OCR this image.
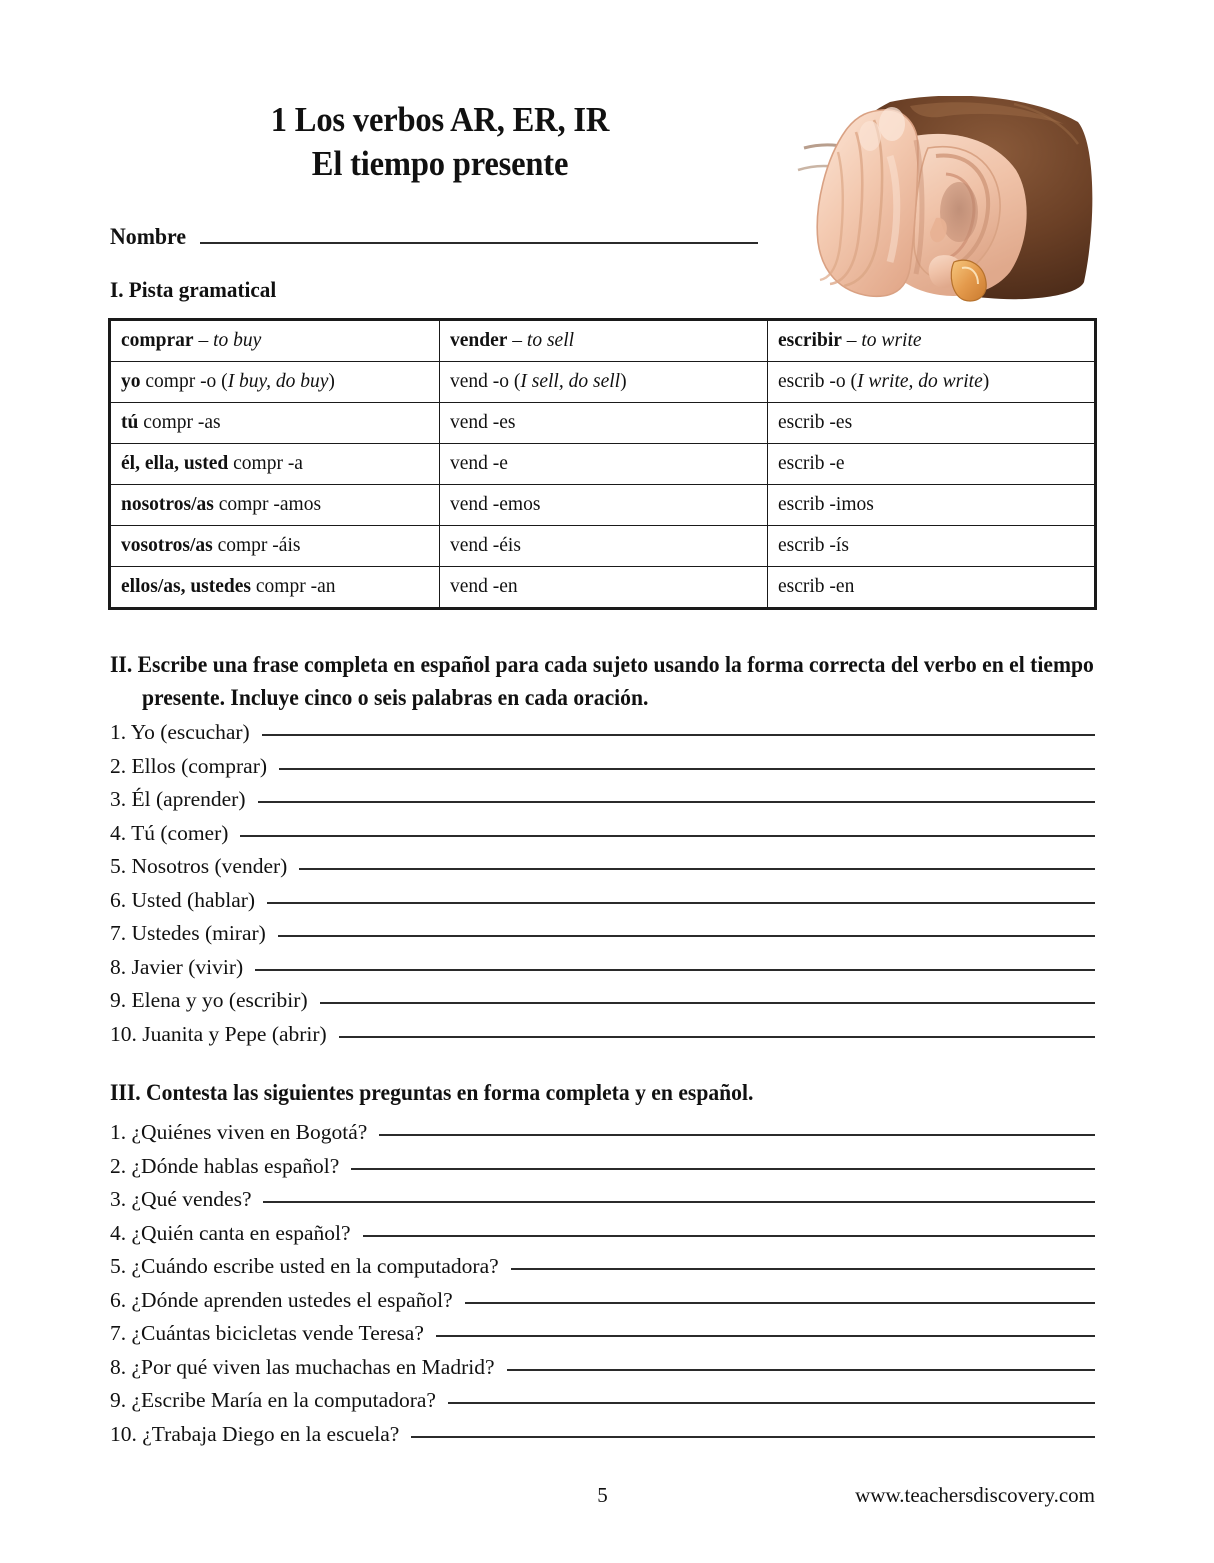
1 Los verbos AR, ER, IR
El tiempo presente
Nombre
I. Pista gramatical
comprar – to buy	vender – to sell	escribir – to write
yo compr -o (I buy, do buy)	vend -o (I sell, do sell)	escrib -o (I write, do write)
tú compr -as	vend -es	escrib -es
él, ella, usted compr -a	vend -e	escrib -e
nosotros/as compr -amos	vend -emos	escrib -imos
vosotros/as compr -áis	vend -éis	escrib -ís
ellos/as, ustedes compr -an	vend -en	escrib -en
II. Escribe una frase completa en español para cada sujeto usando la forma correcta del verbo en el tiempo presente. Incluye cinco o seis palabras en cada oración.
1. Yo (escuchar)
2. Ellos (comprar)
3. Él (aprender)
4. Tú (comer)
5. Nosotros (vender)
6. Usted (hablar)
7. Ustedes (mirar)
8. Javier (vivir)
9. Elena y yo (escribir)
10. Juanita y Pepe (abrir)
III. Contesta las siguientes preguntas en forma completa y en español.
1. ¿Quiénes viven en Bogotá?
2. ¿Dónde hablas español?
3. ¿Qué vendes?
4. ¿Quién canta en español?
5. ¿Cuándo escribe usted en la computadora?
6. ¿Dónde aprenden ustedes el español?
7. ¿Cuántas bicicletas vende Teresa?
8. ¿Por qué viven las muchachas en Madrid?
9. ¿Escribe María en la computadora?
10. ¿Trabaja Diego en la escuela?
5	www.teachersdiscovery.com
